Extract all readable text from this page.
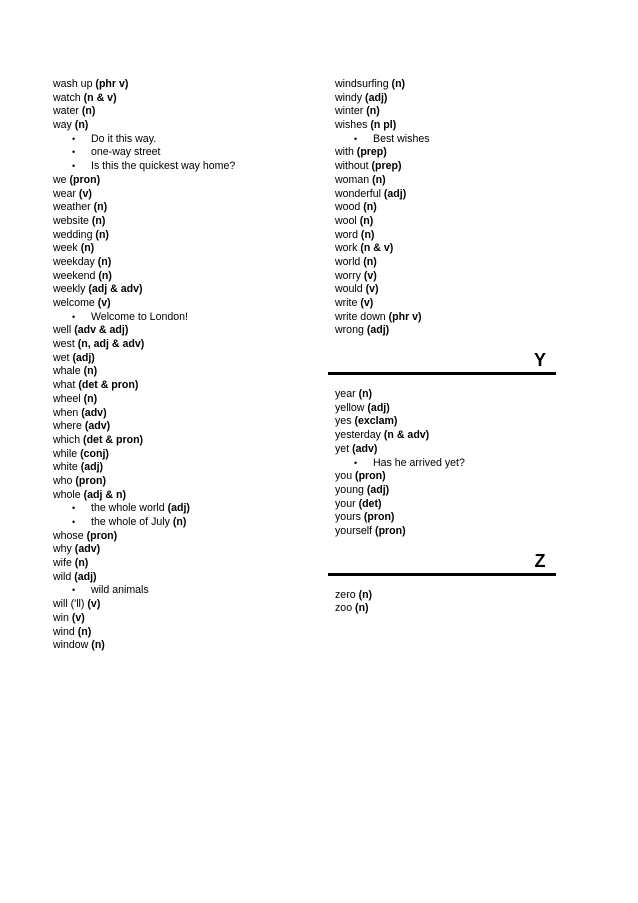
wash up (phr v)
watch (n & v)
water (n)
way (n)
• Do it this way.
• one-way street
• Is this the quickest way home?
we (pron)
wear (v)
weather (n)
website (n)
wedding (n)
week (n)
weekday (n)
weekend (n)
weekly (adj & adv)
welcome (v)
• Welcome to London!
well (adv & adj)
west (n, adj & adv)
wet (adj)
whale (n)
what (det & pron)
wheel (n)
when (adv)
where (adv)
which (det & pron)
while (conj)
white (adj)
who (pron)
whole (adj & n)
• the whole world (adj)
• the whole of July (n)
whose (pron)
why (adv)
wife (n)
wild (adj)
• wild animals
will ('ll) (v)
win (v)
wind (n)
window (n)
windsurfing (n)
windy (adj)
winter (n)
wishes (n pl)
• Best wishes
with (prep)
without (prep)
woman (n)
wonderful (adj)
wood (n)
wool (n)
word (n)
work (n & v)
world (n)
worry (v)
would (v)
write (v)
write down (phr v)
wrong (adj)
Y
year (n)
yellow (adj)
yes (exclam)
yesterday (n & adv)
yet (adv)
• Has he arrived yet?
you (pron)
young (adj)
your (det)
yours (pron)
yourself (pron)
Z
zero (n)
zoo (n)
